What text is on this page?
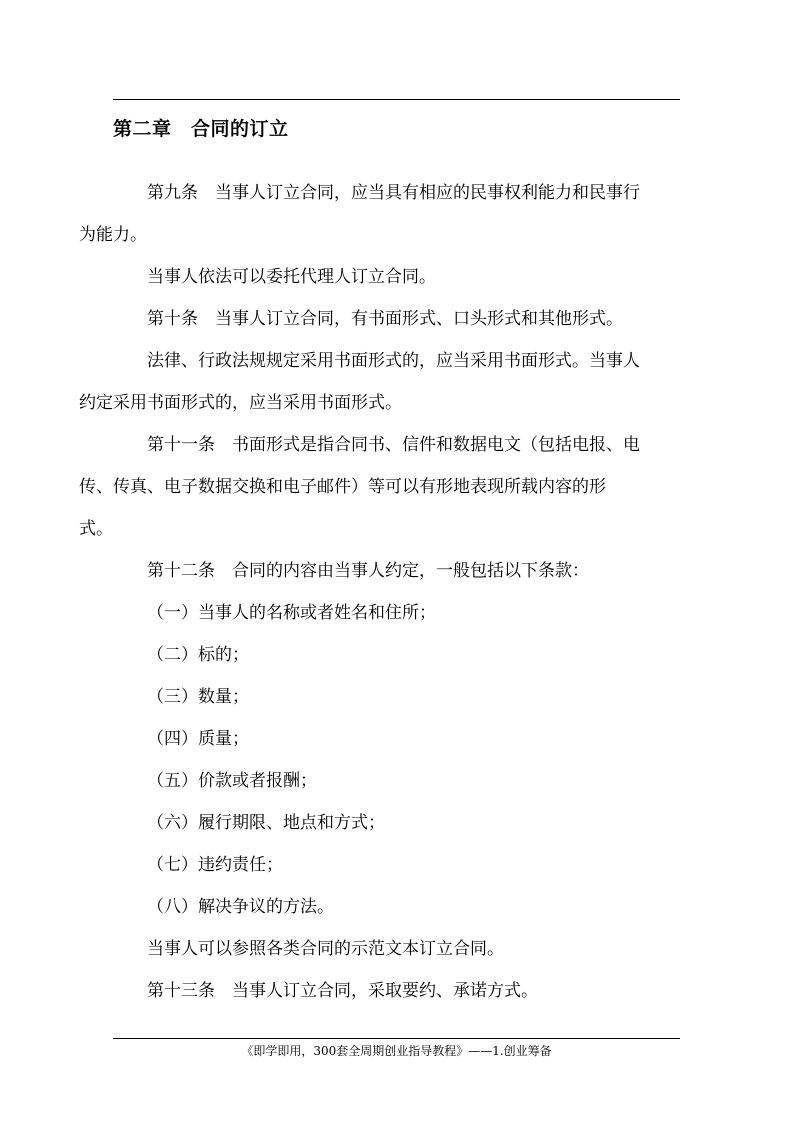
第二章　合同的订立

第九条　当事人订立合同，应当具有相应的民事权利能力和民事行
为能力。

当事人依法可以委托代理人订立合同。

第十条　当事人订立合同，有书面形式、口头形式和其他形式。

法律、行政法规规定采用书面形式的，应当采用书面形式。当事人
约定采用书面形式的，应当采用书面形式。

第十一条　书面形式是指合同书、信件和数据电文（包括电报、电
传、传真、电子数据交换和电子邮件）等可以有形地表现所载内容的形
式。

第十二条　合同的内容由当事人约定，一般包括以下条款：

（一）当事人的名称或者姓名和住所；

（二）标的；

（三）数量；

（四）质量；

（五）价款或者报酬；

（六）履行期限、地点和方式；

（七）违约责任；

（八）解决争议的方法。

当事人可以参照各类合同的示范文本订立合同。

第十三条　当事人订立合同，采取要约、承诺方式。

《即学即用，300套全周期创业指导教程》——1.创业筹备
